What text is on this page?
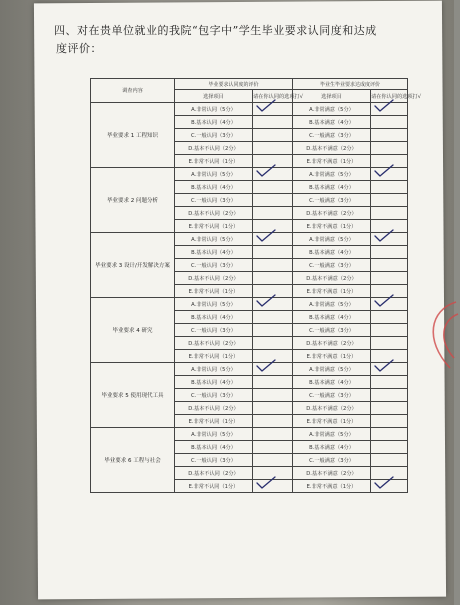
四、对在贵单位就业的我院“包字中”学生毕业要求认同度和达成
度评价：
调查内容	毕业要求认同度的评价		毕业生毕业要求达成度评价	
	选择项目	请在你认同的选项打√	选择项目	请在你认同的选项打√
毕业要求 1 工程知识	A.非常认同（5分）		A.非常满意（5分）	

	B.基本认同（4分）		B.基本满意（4分）	
	C.一般认同（3分）		C.一般满意（3分）	
	D.基本不认同（2分）		D.基本不满意（2分）	
	E.非常不认同（1分）		E.非常不满意（1分）	
毕业要求 2 问题分析	A.非常认同（5分）		A.非常满意（5分）	

	B.基本认同（4分）		B.基本满意（4分）	
	C.一般认同（3分）		C.一般满意（3分）	
	D.基本不认同（2分）		D.基本不满意（2分）	
	E.非常不认同（1分）		E.非常不满意（1分）	
毕业要求 3 设计/开发解决方案	A.非常认同（5分）		A.非常满意（5分）	

	B.基本认同（4分）		B.基本满意（4分）	
	C.一般认同（3分）		C.一般满意（3分）	
	D.基本不认同（2分）		D.基本不满意（2分）	
	E.非常不认同（1分）		E.非常不满意（1分）	
毕业要求 4 研究	A.非常认同（5分）		A.非常满意（5分）	

	B.基本认同（4分）		B.基本满意（4分）	
	C.一般认同（3分）		C.一般满意（3分）	
	D.基本不认同（2分）		D.基本不满意（2分）	
	E.非常不认同（1分）		E.非常不满意（1分）	
毕业要求 5 使用现代工具	A.非常认同（5分）		A.非常满意（5分）	

	B.基本认同（4分）		B.基本满意（4分）	
	C.一般认同（3分）		C.一般满意（3分）	
	D.基本不认同（2分）		D.基本不满意（2分）	
	E.非常不认同（1分）		E.非常不满意（1分）	
毕业要求 6 工程与社会	A.非常认同（5分）		A.非常满意（5分）	
	B.基本认同（4分）		B.基本满意（4分）	
	C.一般认同（3分）		C.一般满意（3分）	
	D.基本不认同（2分）		D.基本不满意（2分）	
	E.非常不认同（1分）		E.非常不满意（1分）	
